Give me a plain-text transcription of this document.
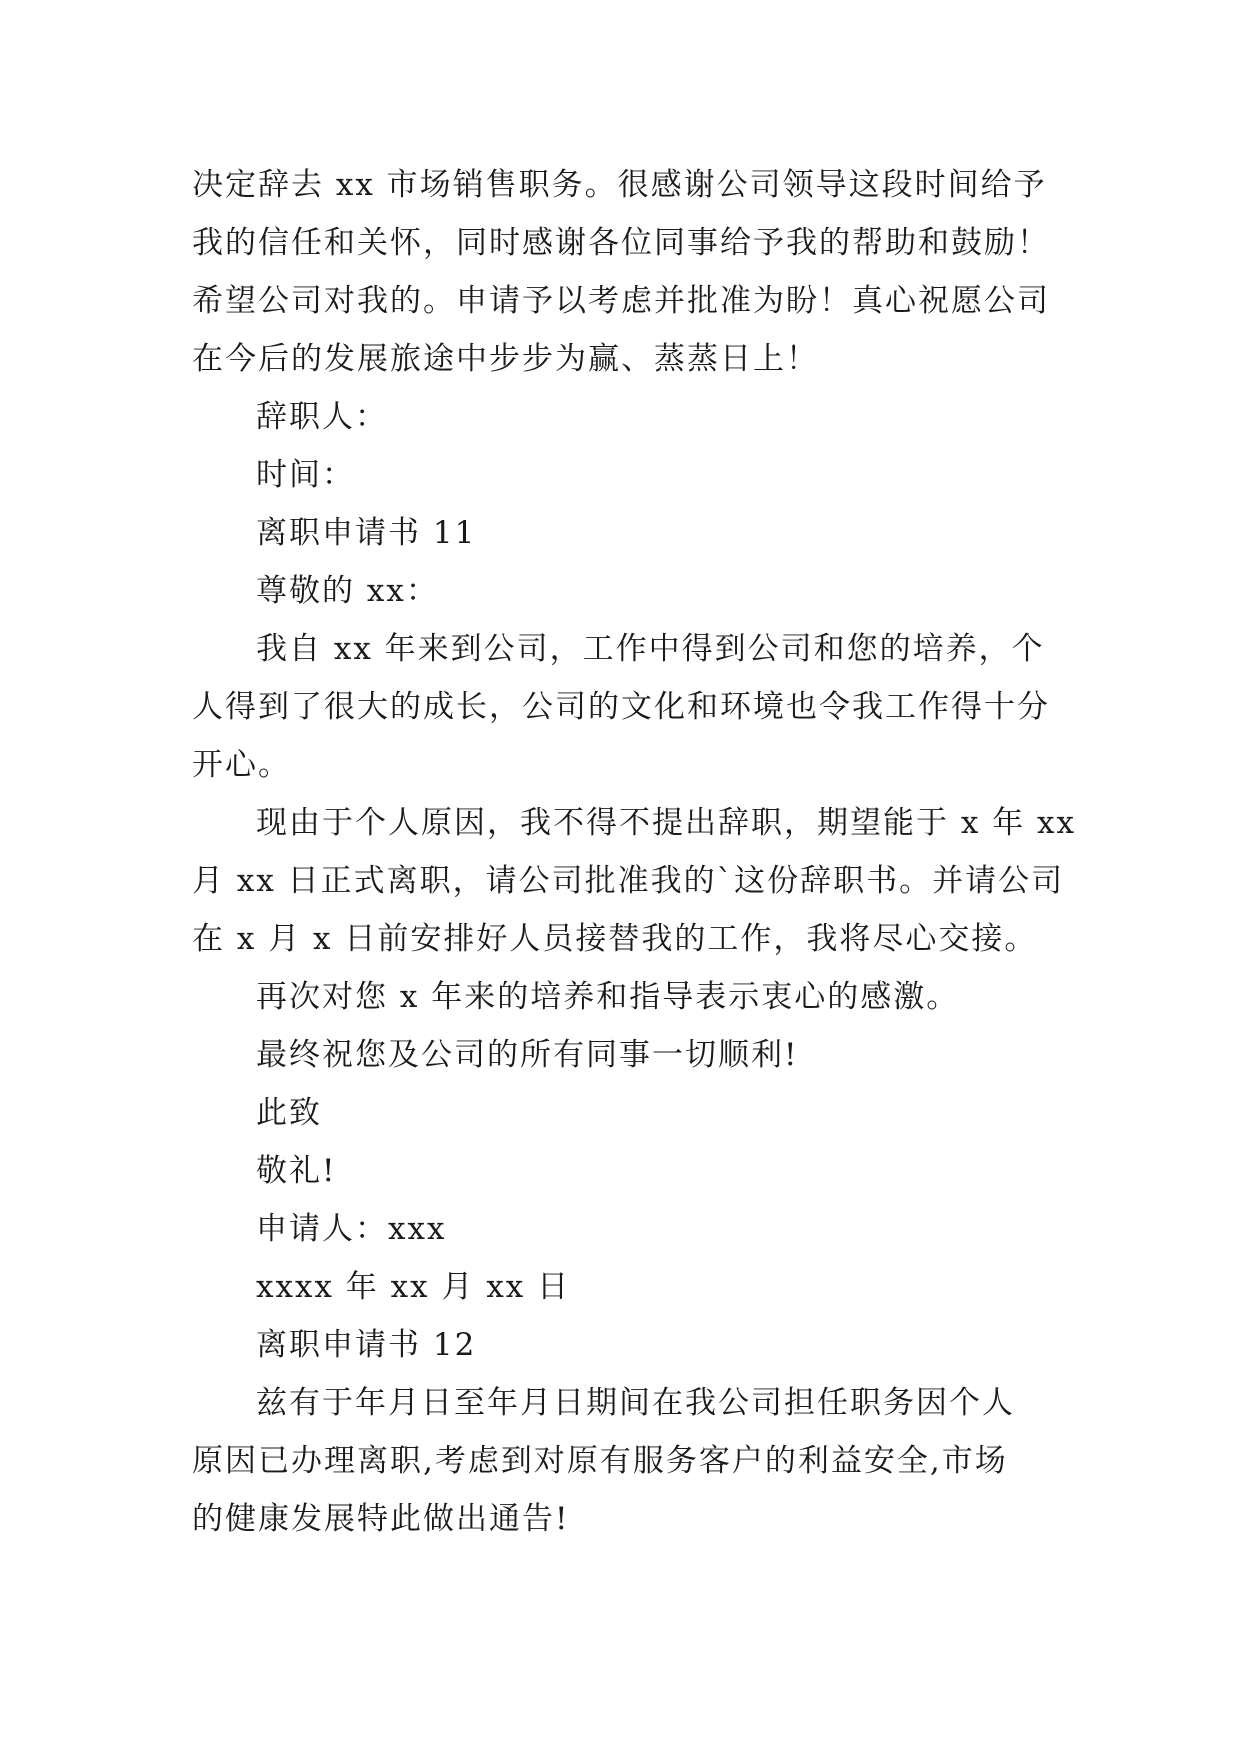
决定辞去 xx 市场销售职务。很感谢公司领导这段时间给予
我的信任和关怀，同时感谢各位同事给予我的帮助和鼓励！
希望公司对我的。申请予以考虑并批准为盼！真心祝愿公司
在今后的发展旅途中步步为赢、蒸蒸日上！

辞职人：

时间：

离职申请书 11

尊敬的 xx：

我自 xx 年来到公司，工作中得到公司和您的培养，个
人得到了很大的成长，公司的文化和环境也令我工作得十分
开心。

现由于个人原因，我不得不提出辞职，期望能于 x 年 xx
月 xx 日正式离职，请公司批准我的`这份辞职书。并请公司
在 x 月 x 日前安排好人员接替我的工作，我将尽心交接。

再次对您 x 年来的培养和指导表示衷心的感激。

最终祝您及公司的所有同事一切顺利!

此致

敬礼!

申请人：xxx

xxxx 年 xx 月 xx 日

离职申请书 12

兹有于年月日至年月日期间在我公司担任职务因个人
原因已办理离职,考虑到对原有服务客户的利益安全,市场
的健康发展特此做出通告!
